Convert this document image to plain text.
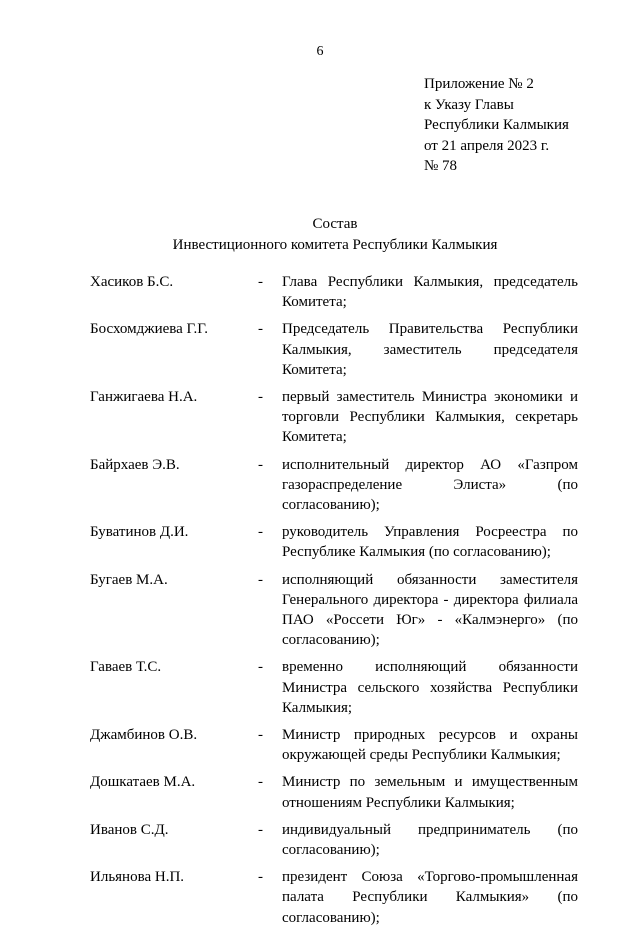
6
Приложение № 2
к Указу Главы
Республики Калмыкия
от 21 апреля 2023 г.
№ 78
Состав
Инвестиционного комитета Республики Калмыкия
Хасиков Б.С.	-	Глава Республики Калмыкия, председатель Комитета;
Босхомджиева Г.Г.	-	Председатель Правительства Республики Калмыкия, заместитель председателя Комитета;
Ганжигаева Н.А.	-	первый заместитель Министра экономики и торговли Республики Калмыкия, секретарь Комитета;
Байрхаев Э.В.	-	исполнительный директор АО «Газпром газораспределение Элиста» (по согласованию);
Буватинов Д.И.	-	руководитель Управления Росреестра по Республике Калмыкия (по согласованию);
Бугаев М.А.	-	исполняющий обязанности заместителя Генерального директора - директора филиала ПАО «Россети Юг» - «Калмэнерго» (по согласованию);
Гаваев Т.С.	-	временно исполняющий обязанности Министра сельского хозяйства Республики Калмыкия;
Джамбинов О.В.	-	Министр природных ресурсов и охраны окружающей среды Республики Калмыкия;
Дошкатаев М.А.	-	Министр по земельным и имущественным отношениям Республики Калмыкия;
Иванов С.Д.	-	индивидуальный предприниматель (по согласованию);
Ильянова Н.П.	-	президент Союза «Торгово-промышленная палата Республики Калмыкия» (по согласованию);
